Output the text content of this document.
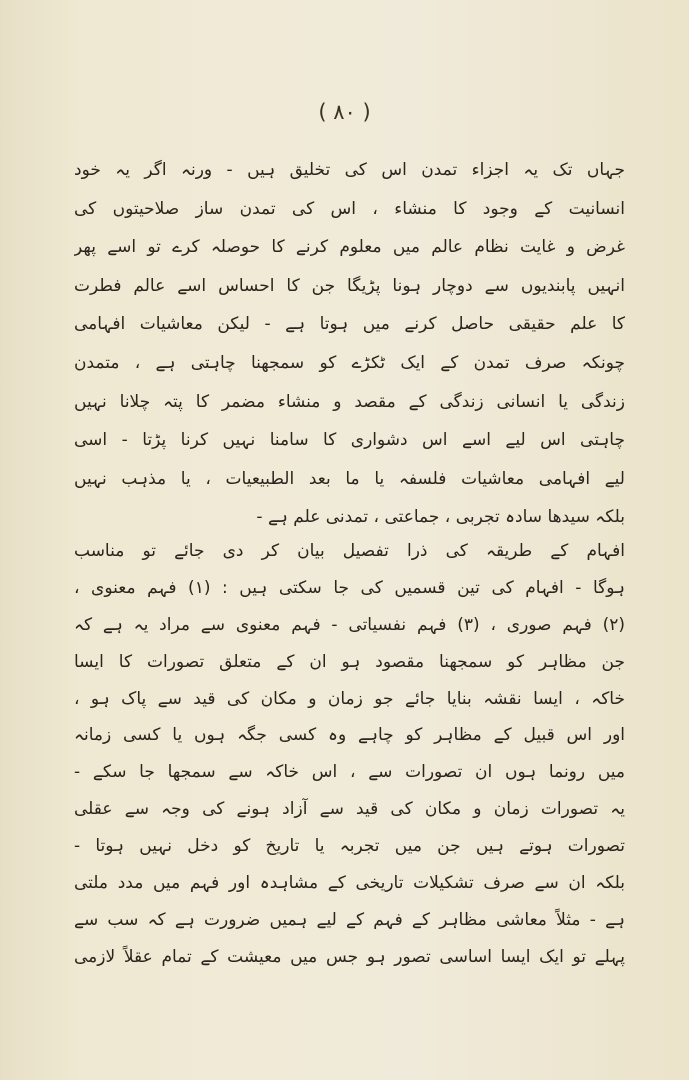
( ۸۰ )
جہاں تک یہ اجزاء تمدن اس کی تخلیق ہیں - ورنہ اگر یہ خود
انسانیت کے وجود کا منشاء ، اس کی تمدن ساز صلاحیتوں کی
غرض و غایت نظام عالم میں معلوم کرنے کا حوصلہ کرے تو اسے پھر
انہیں پابندیوں سے دوچار ہونا پڑیگا جن کا احساس اسے عالم فطرت
کا علم حقیقی حاصل کرنے میں ہوتا ہے - لیکن معاشیات افہامی
چونکہ صرف تمدن کے ایک ٹکڑے کو سمجھنا چاہتی ہے ، متمدن
زندگی یا انسانی زندگی کے مقصد و منشاء مضمر کا پتہ چلانا نہیں
چاہتی اس لیے اسے اس دشواری کا سامنا نہیں کرنا پڑتا - اسی
لیے افہامی معاشیات فلسفہ یا ما بعد الطبیعیات ، یا مذہب نہیں
بلکہ سیدھا سادہ تجربی ، جماعتی ، تمدنی علم ہے -
افہام کے طریقہ کی ذرا تفصیل بیان کر دی جائے تو مناسب
ہوگا - افہام کی تین قسمیں کی جا سکتی ہیں : (۱) فہم معنوی ،
(۲) فہم صوری ، (۳) فہم نفسیاتی - فہم معنوی سے مراد یہ ہے کہ
جن مظاہر کو سمجھنا مقصود ہو ان کے متعلق تصورات کا ایسا
خاکہ ، ایسا نقشہ بنایا جائے جو زمان و مکان کی قید سے پاک ہو ،
اور اس قبیل کے مظاہر کو چاہے وہ کسی جگہ ہوں یا کسی زمانہ
میں رونما ہوں ان تصورات سے ، اس خاکہ سے سمجھا جا سکے -
یہ تصورات زمان و مکان کی قید سے آزاد ہونے کی وجہ سے عقلی
تصورات ہوتے ہیں جن میں تجربہ یا تاریخ کو دخل نہیں ہوتا -
بلکہ ان سے صرف تشکیلات تاریخی کے مشاہدہ اور فہم میں مدد ملتی
ہے - مثلاً معاشی مظاہر کے فہم کے لیے ہمیں ضرورت ہے کہ سب سے
پہلے تو ایک ایسا اساسی تصور ہو جس میں معیشت کے تمام عقلاً لازمی
